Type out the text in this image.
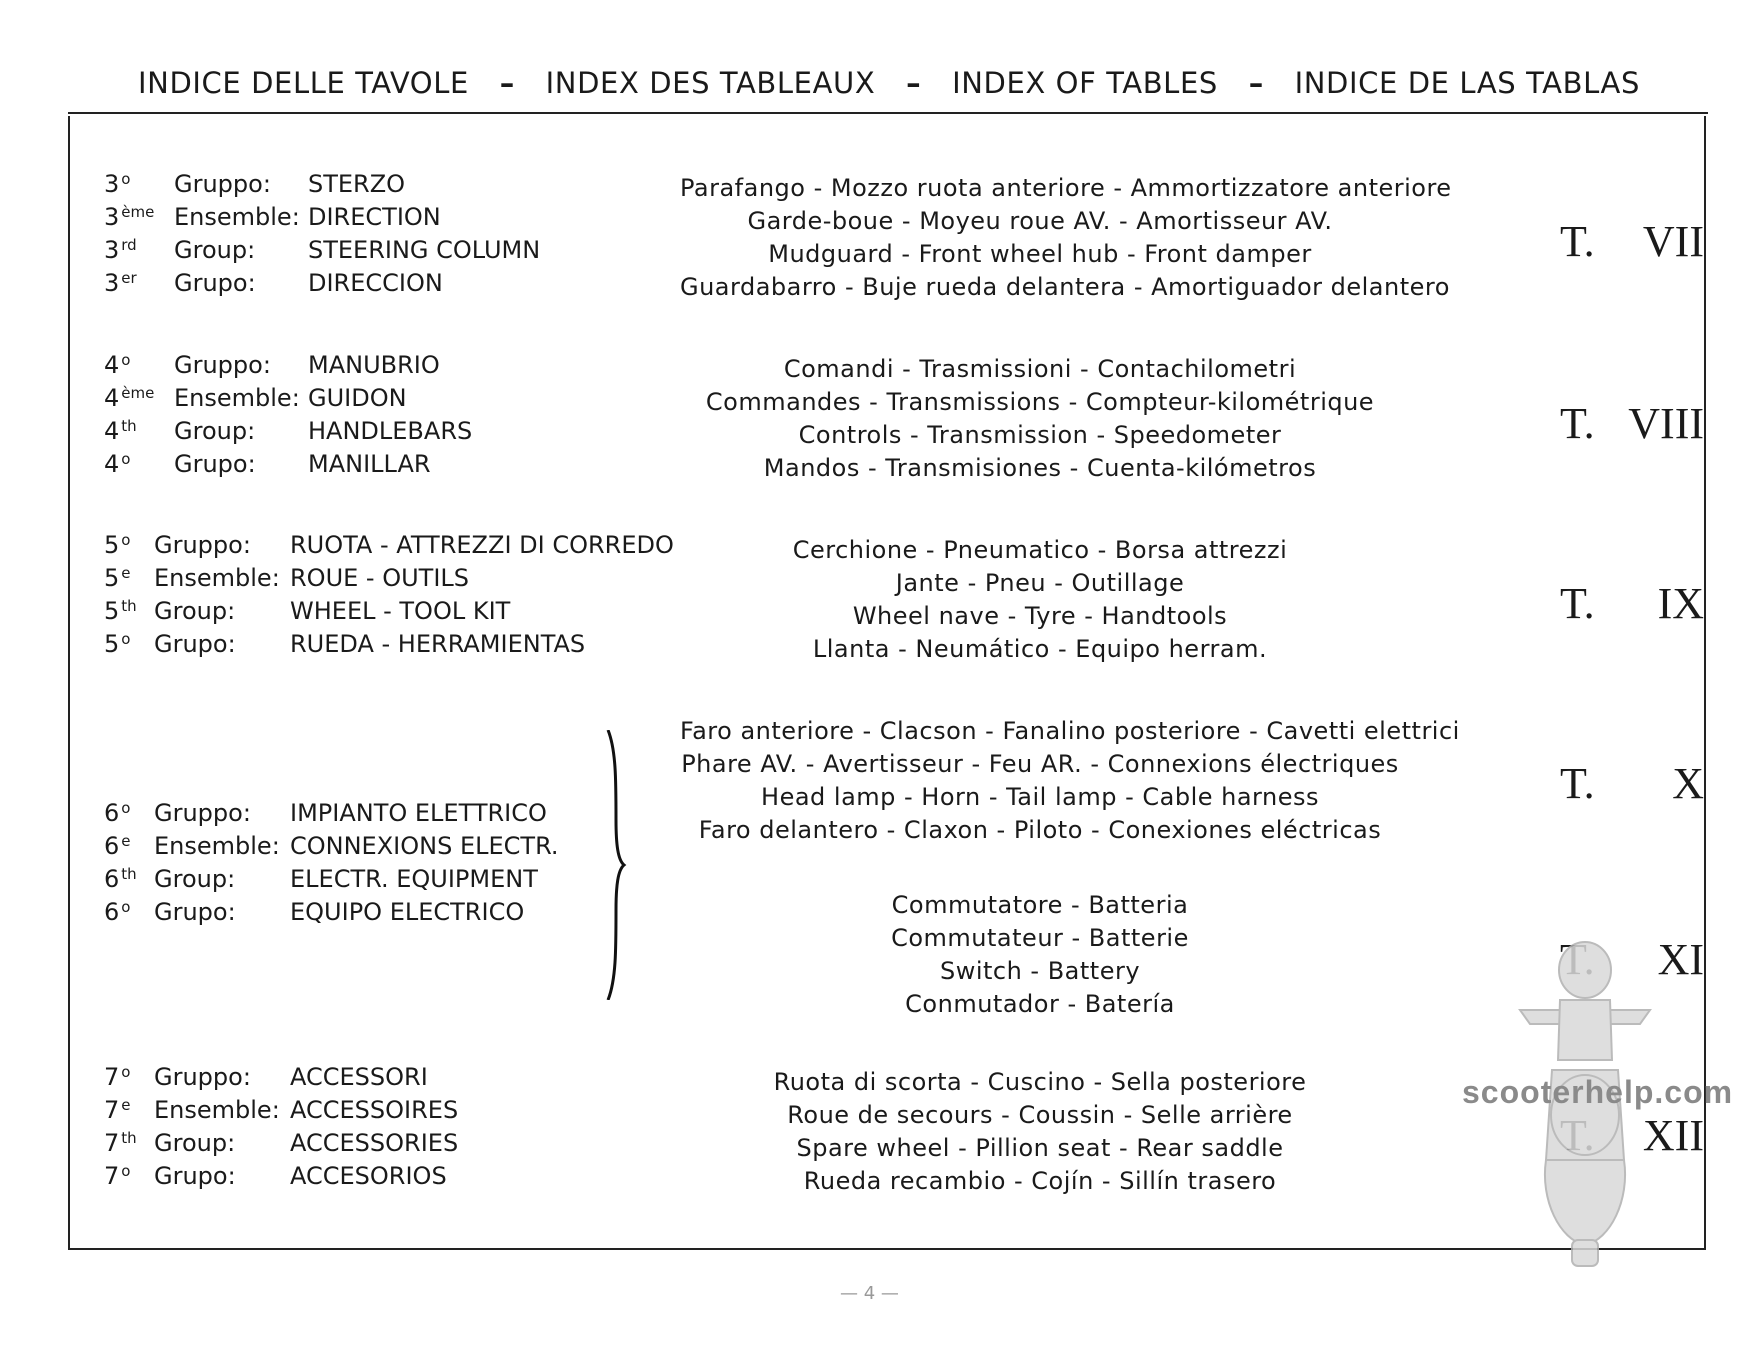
INDICE DELLE TAVOLE – INDEX DES TABLEAUX – INDEX OF TABLES – INDICE DE LAS TABLAS
3 $^o$ Gruppo: STERZO
3 $^{ème}$ Ensemble: DIRECTION
3 $^{rd}$ Group: STEERING COLUMN
3 $^{er}$ Grupo: DIRECCION
Parafango - Mozzo ruota anteriore - Ammortizzatore anteriore
Garde-boue - Moyeu roue AV. - Amortisseur AV.
Mudguard - Front wheel hub - Front damper
Guardabarro - Buje rueda delantera - Amortiguador delantero
T. VII
4 $^o$ Gruppo: MANUBRIO
4 $^{ème}$ Ensemble: GUIDON
4 $^{th}$ Group: HANDLEBARS
4 $^o$ Grupo: MANILLAR
Comandi - Trasmissioni - Contachilometri
Commandes - Transmissions - Compteur-kilométrique
Controls - Transmission - Speedometer
Mandos - Transmisiones - Cuenta-kilómetros
T. VIII
5 $^o$ Gruppo: RUOTA - ATTREZZI DI CORREDO
5 $^e$ Ensemble: ROUE - OUTILS
5 $^{th}$ Group: WHEEL - TOOL KIT
5 $^o$ Grupo: RUEDA - HERRAMIENTAS
Cerchione - Pneumatico - Borsa attrezzi
Jante - Pneu - Outillage
Wheel nave - Tyre - Handtools
Llanta - Neumático - Equipo herram.
T. IX
6 $^o$ Gruppo: IMPIANTO ELETTRICO
6 $^e$ Ensemble: CONNEXIONS ELECTR.
6 $^{th}$ Group: ELECTR. EQUIPMENT
6 $^o$ Grupo: EQUIPO ELECTRICO
Faro anteriore - Clacson - Fanalino posteriore - Cavetti elettrici
Phare AV. - Avertisseur - Feu AR. - Connexions électriques
Head lamp - Horn - Tail lamp - Cable harness
Faro delantero - Claxon - Piloto - Conexiones eléctricas
T. X
Commutatore - Batteria
Commutateur - Batterie
Switch - Battery
Conmutador - Batería
XI
7 $^o$ Gruppo: ACCESSORI
7 $^e$ Ensemble: ACCESSOIRES
7 $^{th}$ Group: ACCESSORIES
7 $^o$ Grupo: ACCESORIOS
Ruota di scorta - Cuscino - Sella posteriore
Roue de secours - Coussin - Selle arrière
Spare wheel - Pillion seat - Rear saddle
Rueda recambio - Cojín - Sillín trasero
XII
scooterhelp.com
— 4 —
